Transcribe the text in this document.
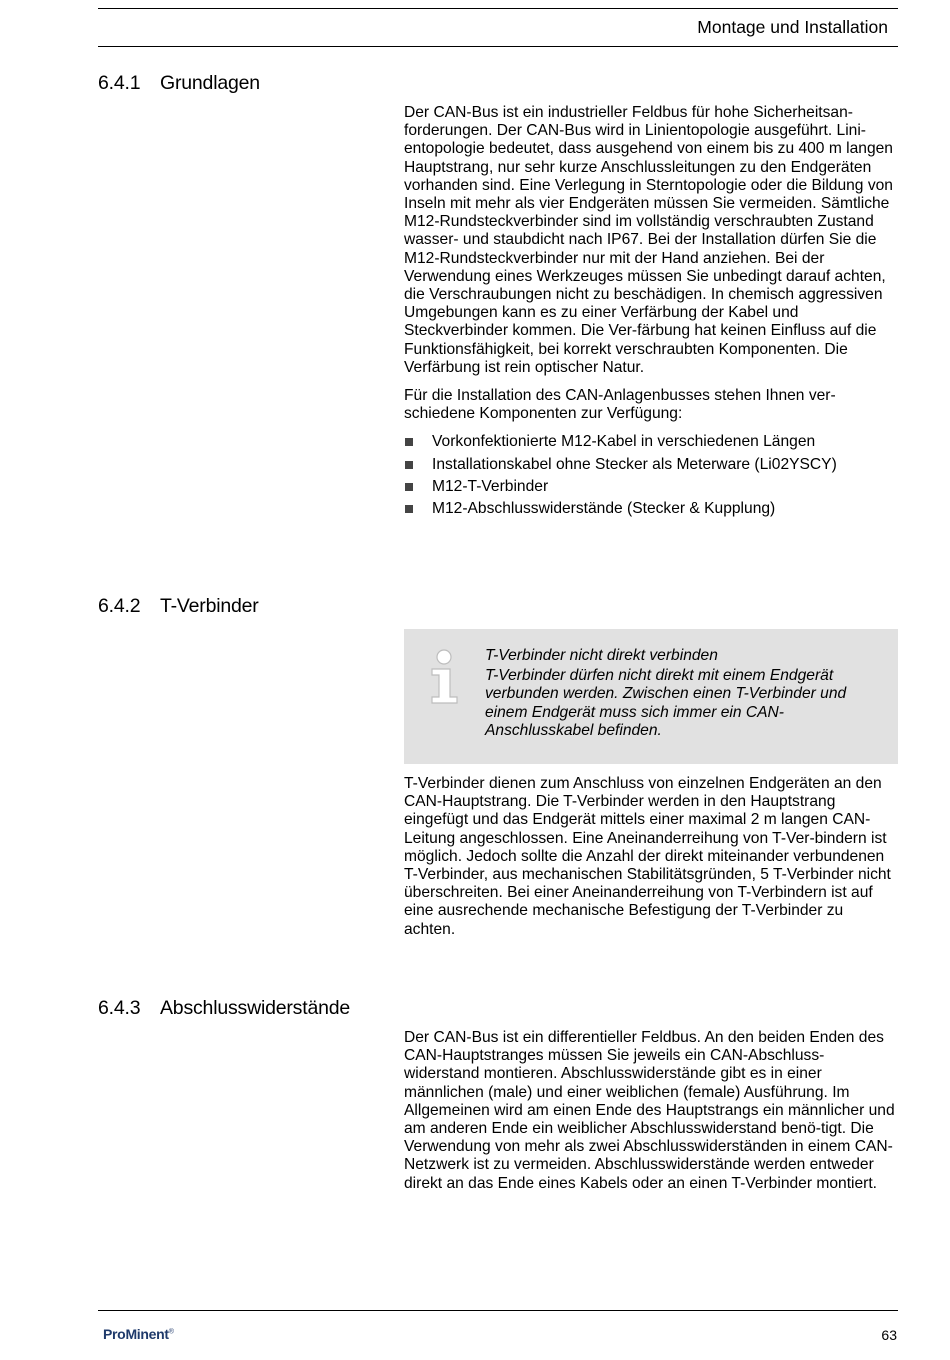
Montage und Installation
6.4.1 Grundlagen

Der CAN-Bus ist ein industrieller Feldbus für hohe Sicherheitsan-forderungen. Der CAN-Bus wird in Linientopologie ausgeführt. Lini-entopologie bedeutet, dass ausgehend von einem bis zu 400 m langen Hauptstrang, nur sehr kurze Anschlussleitungen zu den Endgeräten vorhanden sind. Eine Verlegung in Sterntopologie oder die Bildung von Inseln mit mehr als vier Endgeräten müssen Sie vermeiden. Sämtliche M12-Rundsteckverbinder sind im vollständig verschraubten Zustand wasser- und staubdicht nach IP67. Bei der Installation dürfen Sie die M12-Rundsteckverbinder nur mit der Hand anziehen. Bei der Verwendung eines Werkzeuges müssen Sie unbedingt darauf achten, die Verschraubungen nicht zu beschädigen. In chemisch aggressiven Umgebungen kann es zu einer Verfärbung der Kabel und Steckverbinder kommen. Die Ver-färbung hat keinen Einfluss auf die Funktionsfähigkeit, bei korrekt verschraubten Komponenten. Die Verfärbung ist rein optischer Natur.

Für die Installation des CAN-Anlagenbusses stehen Ihnen ver-schiedene Komponenten zur Verfügung:

Vorkonfektionierte M12-Kabel in verschiedenen Längen
Installationskabel ohne Stecker als Meterware (Li02YSCY)
M12-T-Verbinder
M12-Abschlusswiderstände (Stecker & Kupplung)
6.4.2 T-Verbinder

T-Verbinder nicht direkt verbinden

T-Verbinder dürfen nicht direkt mit einem Endgerät verbunden werden. Zwischen einen T-Verbinder und einem Endgerät muss sich immer ein CAN-Anschlusskabel befinden.

T-Verbinder dienen zum Anschluss von einzelnen Endgeräten an den CAN-Hauptstrang. Die T-Verbinder werden in den Hauptstrang eingefügt und das Endgerät mittels einer maximal 2 m langen CAN-Leitung angeschlossen. Eine Aneinanderreihung von T-Ver-bindern ist möglich. Jedoch sollte die Anzahl der direkt miteinander verbundenen T-Verbinder, aus mechanischen Stabilitätsgründen, 5 T-Verbinder nicht überschreiten. Bei einer Aneinanderreihung von T-Verbindern ist auf eine ausrechende mechanische Befestigung der T-Verbinder zu achten.

6.4.3 Abschlusswiderstände

Der CAN-Bus ist ein differentieller Feldbus. An den beiden Enden des CAN-Hauptstranges müssen Sie jeweils ein CAN-Abschluss-widerstand montieren. Abschlusswiderstände gibt es in einer männlichen (male) und einer weiblichen (female) Ausführung. Im Allgemeinen wird am einen Ende des Hauptstrangs ein männlicher und am anderen Ende ein weiblicher Abschlusswiderstand benö-tigt. Die Verwendung von mehr als zwei Abschlusswiderständen in einem CAN-Netzwerk ist zu vermeiden. Abschlusswiderstände werden entweder direkt an das Ende eines Kabels oder an einen T-Verbinder montiert.

ProMinent®	63
